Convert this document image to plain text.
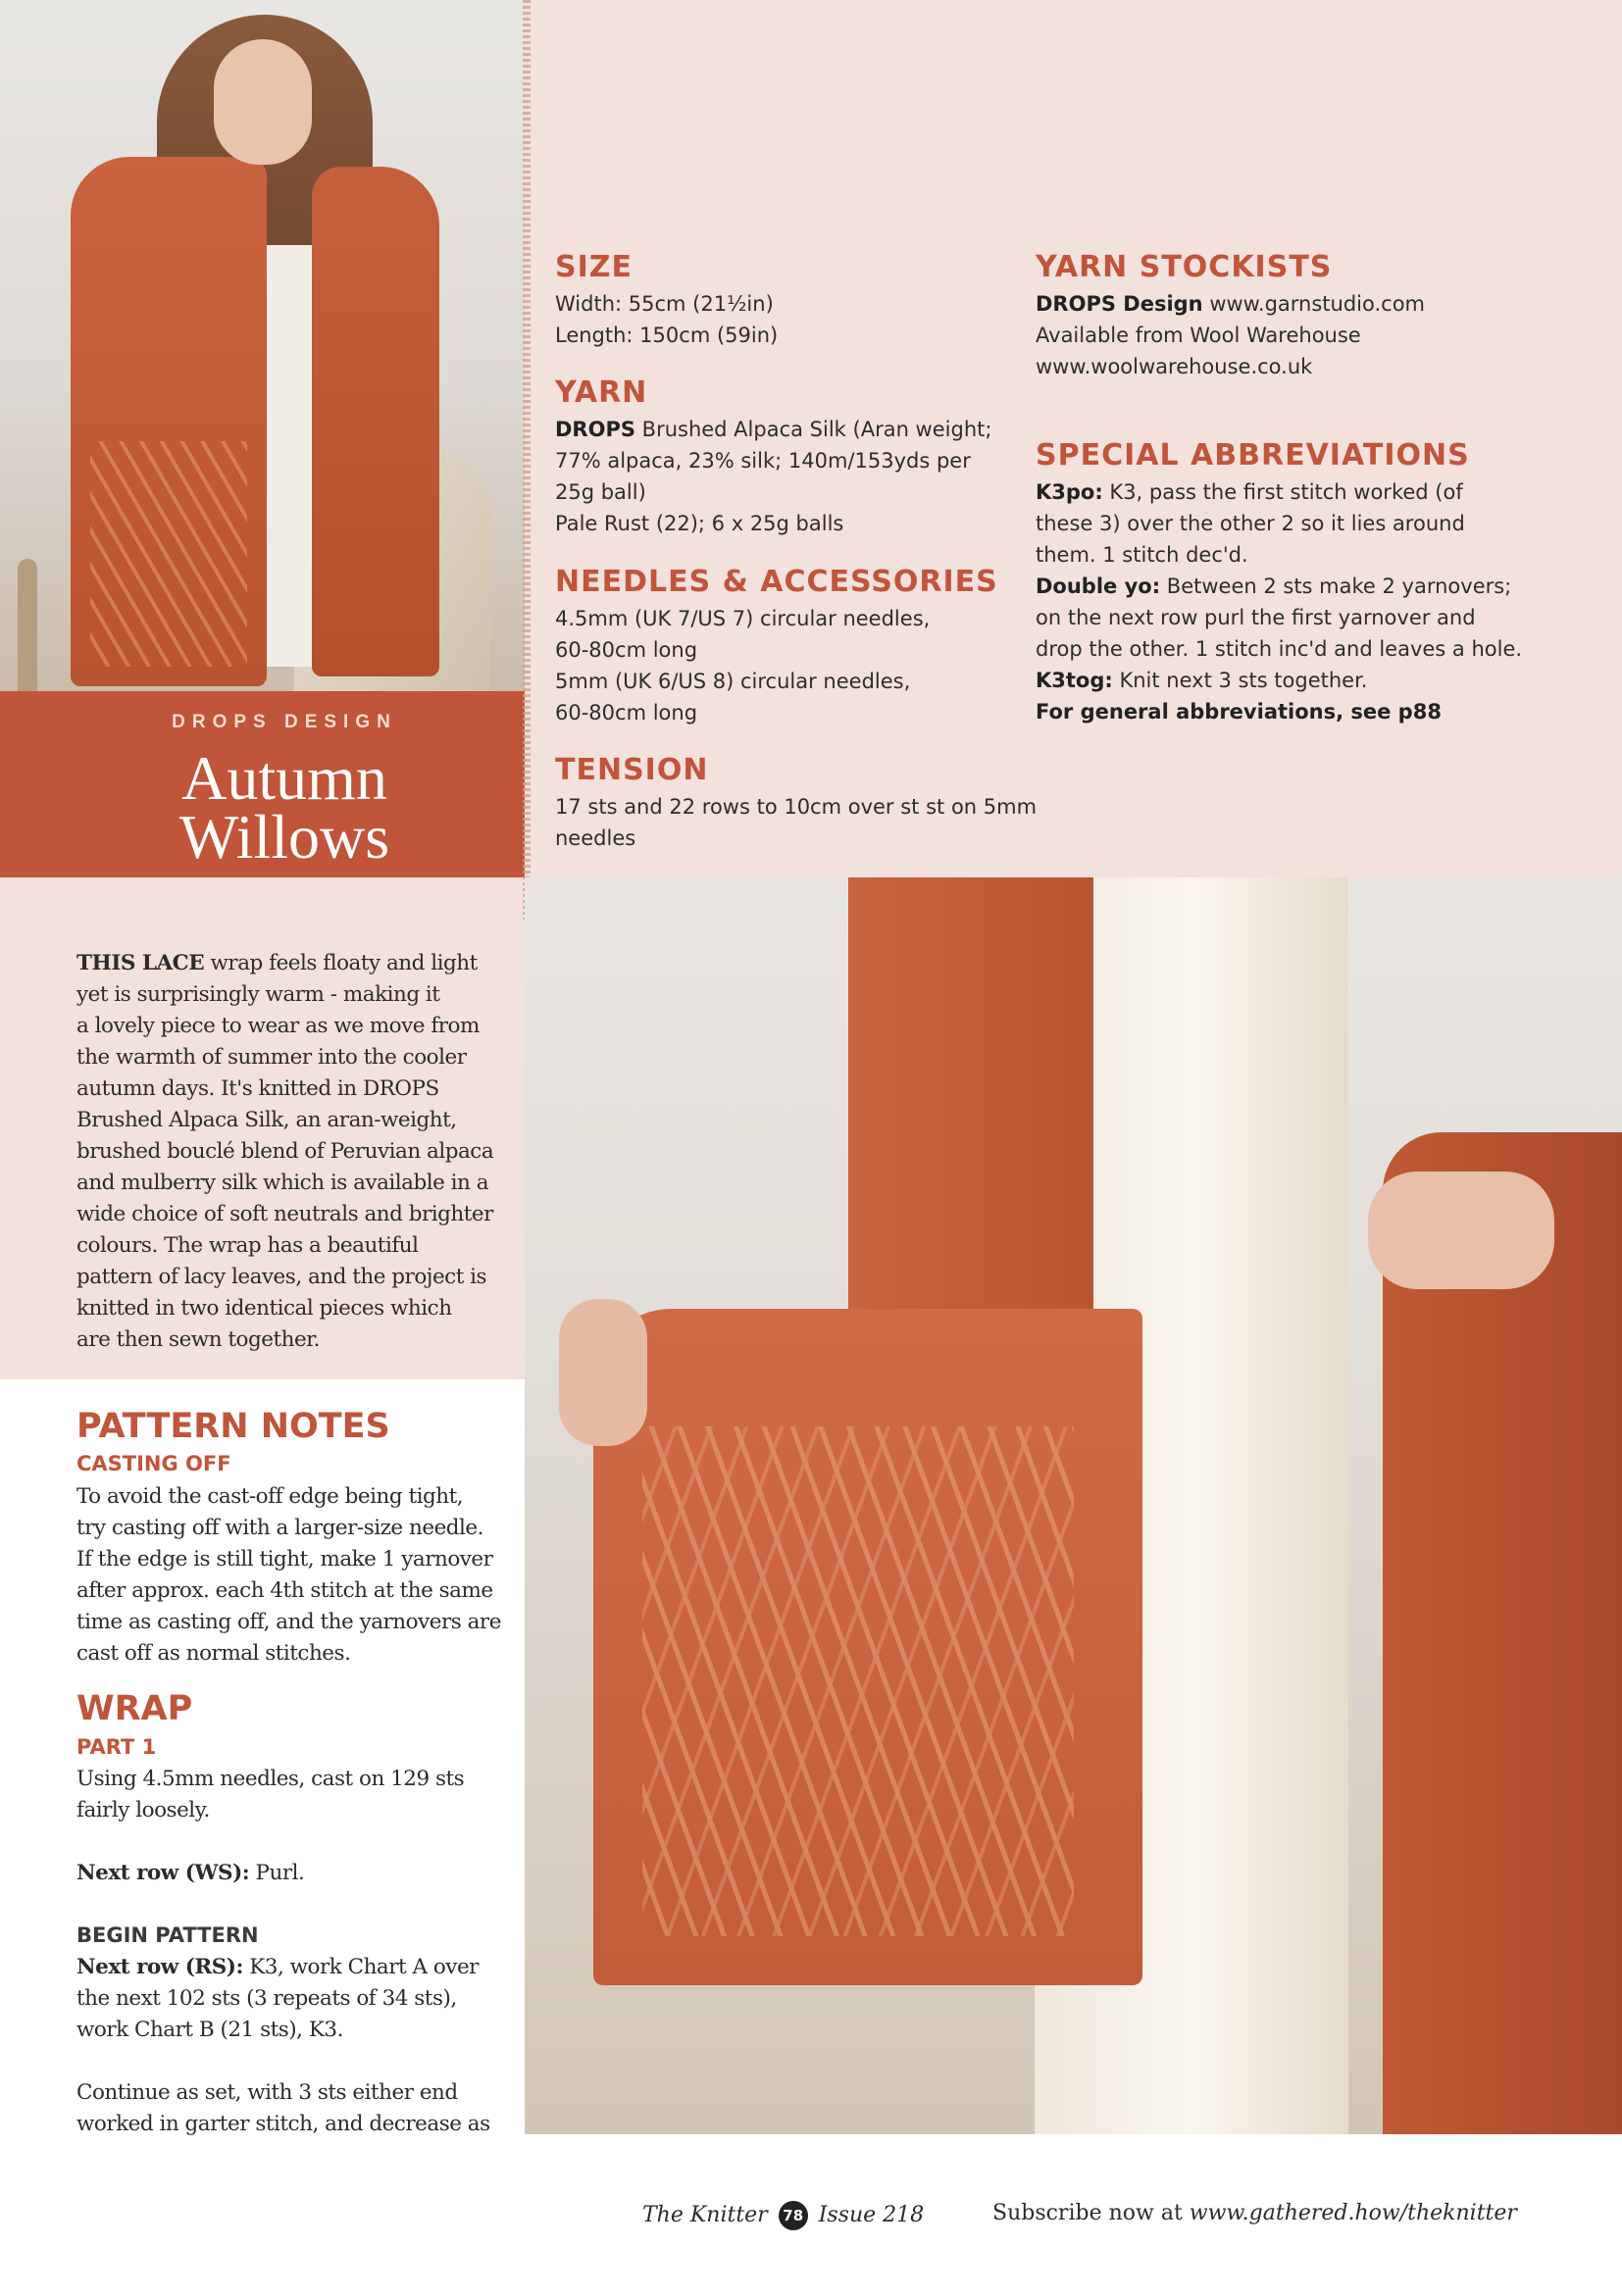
DROPS DESIGN
Autumn
Willows
SIZE
Width: 55cm (21½in)
Length: 150cm (59in)
YARN
DROPS Brushed Alpaca Silk (Aran weight;
77% alpaca, 23% silk; 140m/153yds per
25g ball)
Pale Rust (22); 6 x 25g balls
NEEDLES & ACCESSORIES
4.5mm (UK 7/US 7) circular needles,
60-80cm long
5mm (UK 6/US 8) circular needles,
60-80cm long
TENSION
17 sts and 22 rows to 10cm over st st on 5mm
needles
YARN STOCKISTS
DROPS Design www.garnstudio.com
Available from Wool Warehouse
www.woolwarehouse.co.uk
SPECIAL ABBREVIATIONS
K3po: K3, pass the first stitch worked (of
these 3) over the other 2 so it lies around
them. 1 stitch dec'd.
Double yo: Between 2 sts make 2 yarnovers;
on the next row purl the first yarnover and
drop the other. 1 stitch inc'd and leaves a hole.
K3tog: Knit next 3 sts together.
For general abbreviations, see p88
THIS LACE wrap feels floaty and light
yet is surprisingly warm - making it
a lovely piece to wear as we move from
the warmth of summer into the cooler
autumn days. It's knitted in DROPS
Brushed Alpaca Silk, an aran-weight,
brushed bouclé blend of Peruvian alpaca
and mulberry silk which is available in a
wide choice of soft neutrals and brighter
colours. The wrap has a beautiful
pattern of lacy leaves, and the project is
knitted in two identical pieces which
are then sewn together.
PATTERN NOTES
CASTING OFF
To avoid the cast-off edge being tight,
try casting off with a larger-size needle.
If the edge is still tight, make 1 yarnover
after approx. each 4th stitch at the same
time as casting off, and the yarnovers are
cast off as normal stitches.
WRAP
PART 1
Using 4.5mm needles, cast on 129 sts
fairly loosely.
Next row (WS): Purl.
BEGIN PATTERN
Next row (RS): K3, work Chart A over
the next 102 sts (3 repeats of 34 sts),
work Chart B (21 sts), K3.
Continue as set, with 3 sts either end
worked in garter stitch, and decrease as
The Knitter 78 Issue 218	Subscribe now at www.gathered.how/theknitter
